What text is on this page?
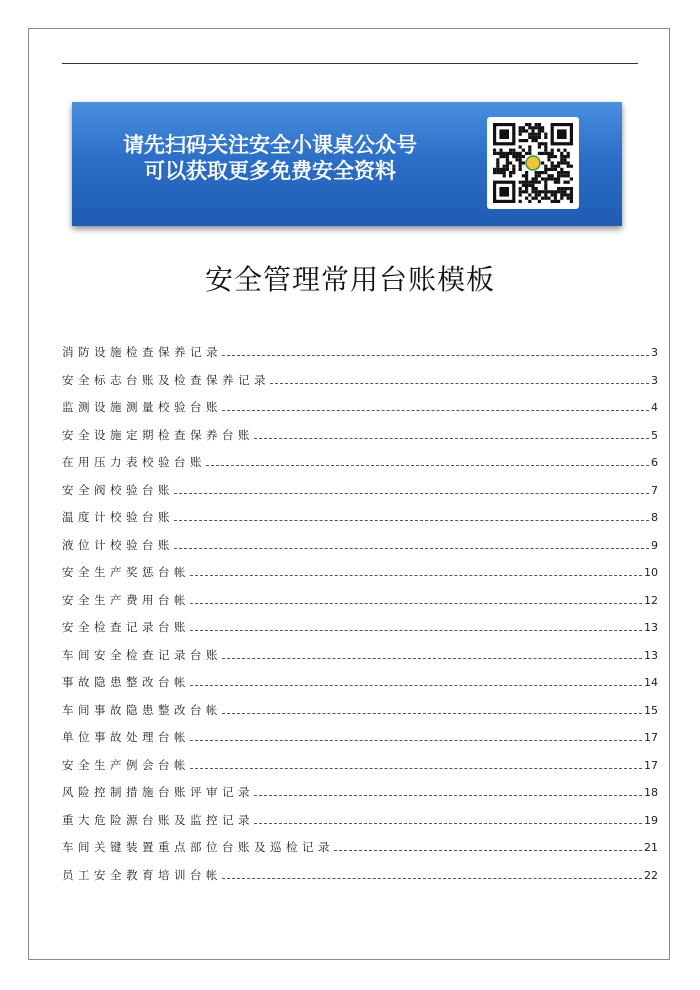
请先扫码关注安全小课桌公众号
可以获取更多免费安全资料
安全管理常用台账模板
消防设施检查保养记录	3
安全标志台账及检查保养记录	3
监测设施测量校验台账	4
安全设施定期检查保养台账	5
在用压力表校验台账	6
安全阀校验台账	7
温度计校验台账	8
液位计校验台账	9
安全生产奖惩台帐	10
安全生产费用台帐	12
安全检查记录台账	13
车间安全检查记录台账	13
事故隐患整改台帐	14
车间事故隐患整改台帐	15
单位事故处理台帐	17
安全生产例会台帐	17
风险控制措施台账评审记录	18
重大危险源台账及监控记录	19
车间关键装置重点部位台账及巡检记录	21
员工安全教育培训台帐	22
